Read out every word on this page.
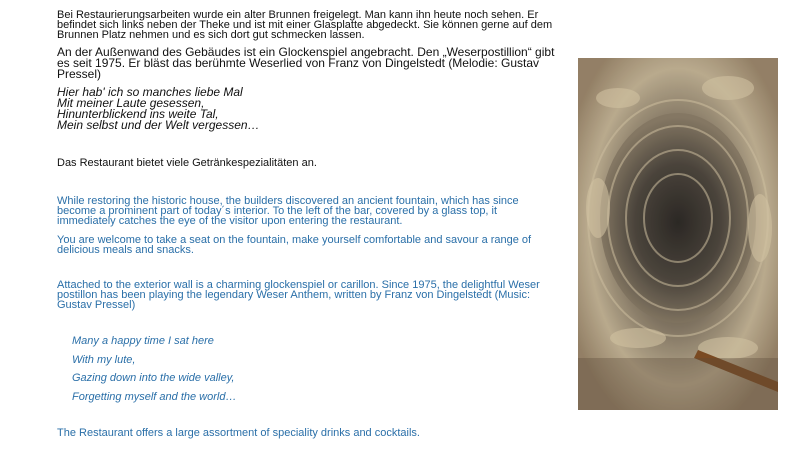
Bei Restaurierungsarbeiten wurde ein alter Brunnen freigelegt. Man kann ihn heute noch sehen. Er befindet sich links neben der Theke und ist mit einer Glasplatte abgedeckt. Sie können gerne auf dem Brunnen Platz nehmen und es sich dort gut schmecken lassen.

An der Außenwand des Gebäudes ist ein Glockenspiel angebracht. Den „Weserpostillion“ gibt es seit 1975. Er bläst das berühmte Weserlied von Franz von Dingelstedt (Melodie: Gustav Pressel)

Hier hab' ich so manches liebe Mal
Mit meiner Laute gesessen,
Hinunterblickend ins weite Tal,
Mein selbst und der Welt vergessen…

Das Restaurant bietet viele Getränkespezialitäten an.

While restoring the historic house, the builders discovered an ancient fountain, which has since become a prominent part of today´s interior. To the left of the bar, covered by a glass top, it immediately catches the eye of the visitor upon entering the restaurant.

You are welcome to take a seat on the fountain, make yourself comfortable and savour a range of delicious meals and snacks.

Attached to the exterior wall is a charming glockenspiel or carillon. Since 1975, the delightful Weser postillon has been playing the legendary Weser Anthem, written by Franz von Dingelstedt (Music: Gustav Pressel)

Many a happy time I sat here
With my lute,
Gazing down into the wide valley,
Forgetting myself and the world…

The Restaurant offers a large assortment of speciality drinks and cocktails.
